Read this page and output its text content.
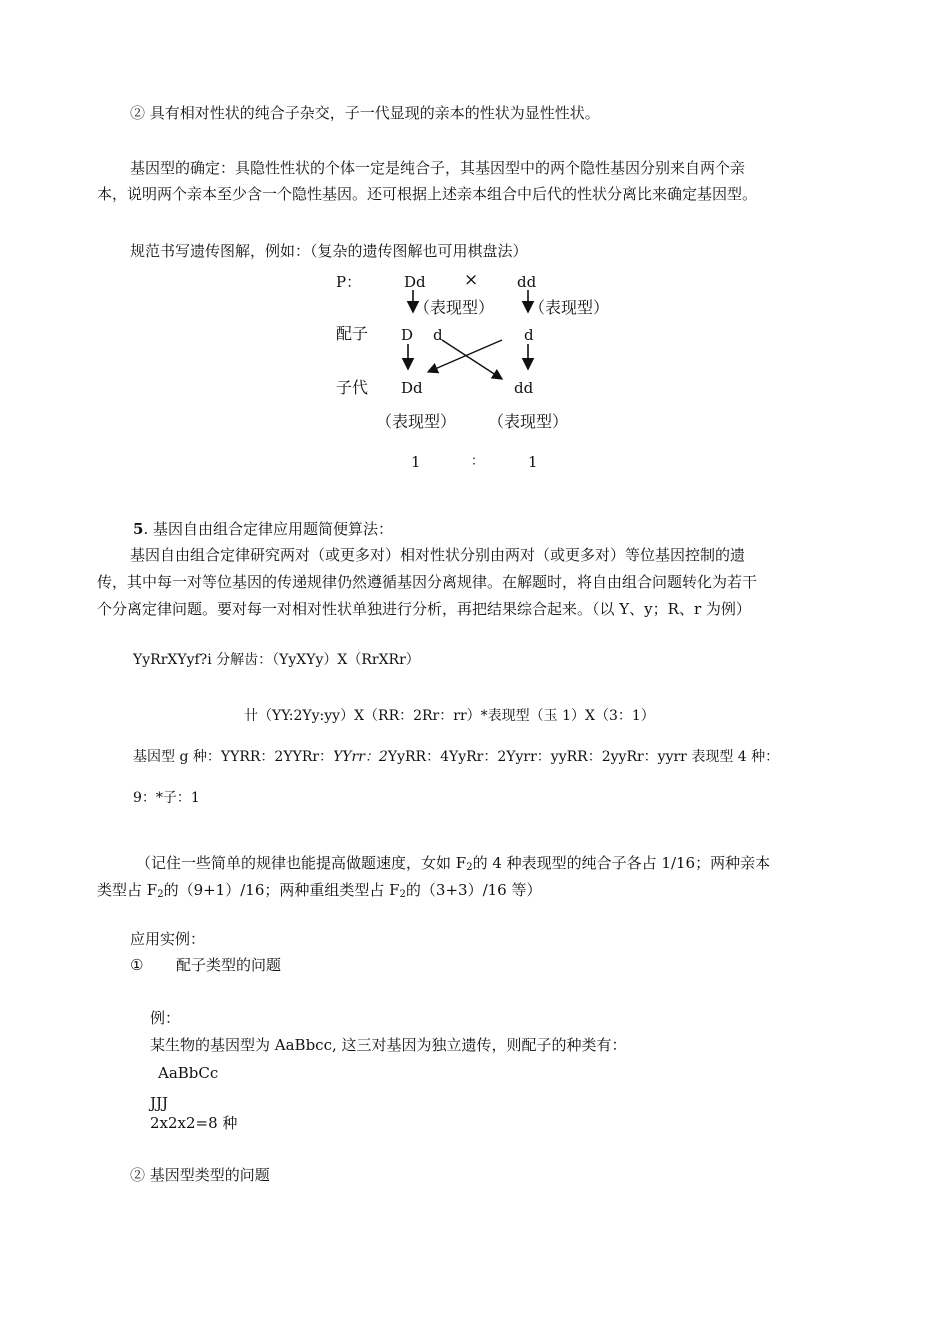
② 具有相对性状的纯合子杂交，子一代显现的亲本的性状为显性性状。
基因型的确定：具隐性性状的个体一定是纯合子，其基因型中的两个隐性基因分别来自两个亲
本，说明两个亲本至少含一个隐性基因。还可根据上述亲本组合中后代的性状分离比来确定基因型。
规范书写遗传图解，例如：（复杂的遗传图解也可用棋盘法）
P：	Dd ×	dd
（表现型） （表现型）
配子 D d	d
子代 Dd	dd
（表现型） （表现型）
1	：	1
5. 基因自由组合定律应用题简便算法：
基因自由组合定律研究两对（或更多对）相对性状分别由两对（或更多对）等位基因控制的遗
传，其中每一对等位基因的传递规律仍然遵循基因分离规律。在解题时，将自由组合问题转化为若干
个分离定律问题。要对每一对相对性状单独进行分析，再把结果综合起来。（以 Y、y；R、r 为例）
YyRrXYyf?i 分解齿：（YyXYy）X（RrXRr）
卄（YY:2Yy:yy）X（RR：2Rr：rr）*表现型（玉 1）X（3：1）
基因型 g 种：YYRR：2YYRr：YYrr：2YyRR：4YyRr：2Yyrr：yyRR：2yyRr：yyrr 表现型 4 种：
9：*子：1
（记住一些简单的规律也能提高做题速度，女如 $F_2$的 4 种表现型的纯合子各占 1/16；两种亲本
类型占 $F_2$的（9+1）/16；两种重组类型占 $F_2$的（3+3）/16 等）
应用实例：
① 配子类型的问题
例：
某生物的基因型为 AaBbcc, 这三对基因为独立遗传，则配子的种类有：
AaBbCc
JJJ
2x2x2=8 种
② 基因型类型的问题
